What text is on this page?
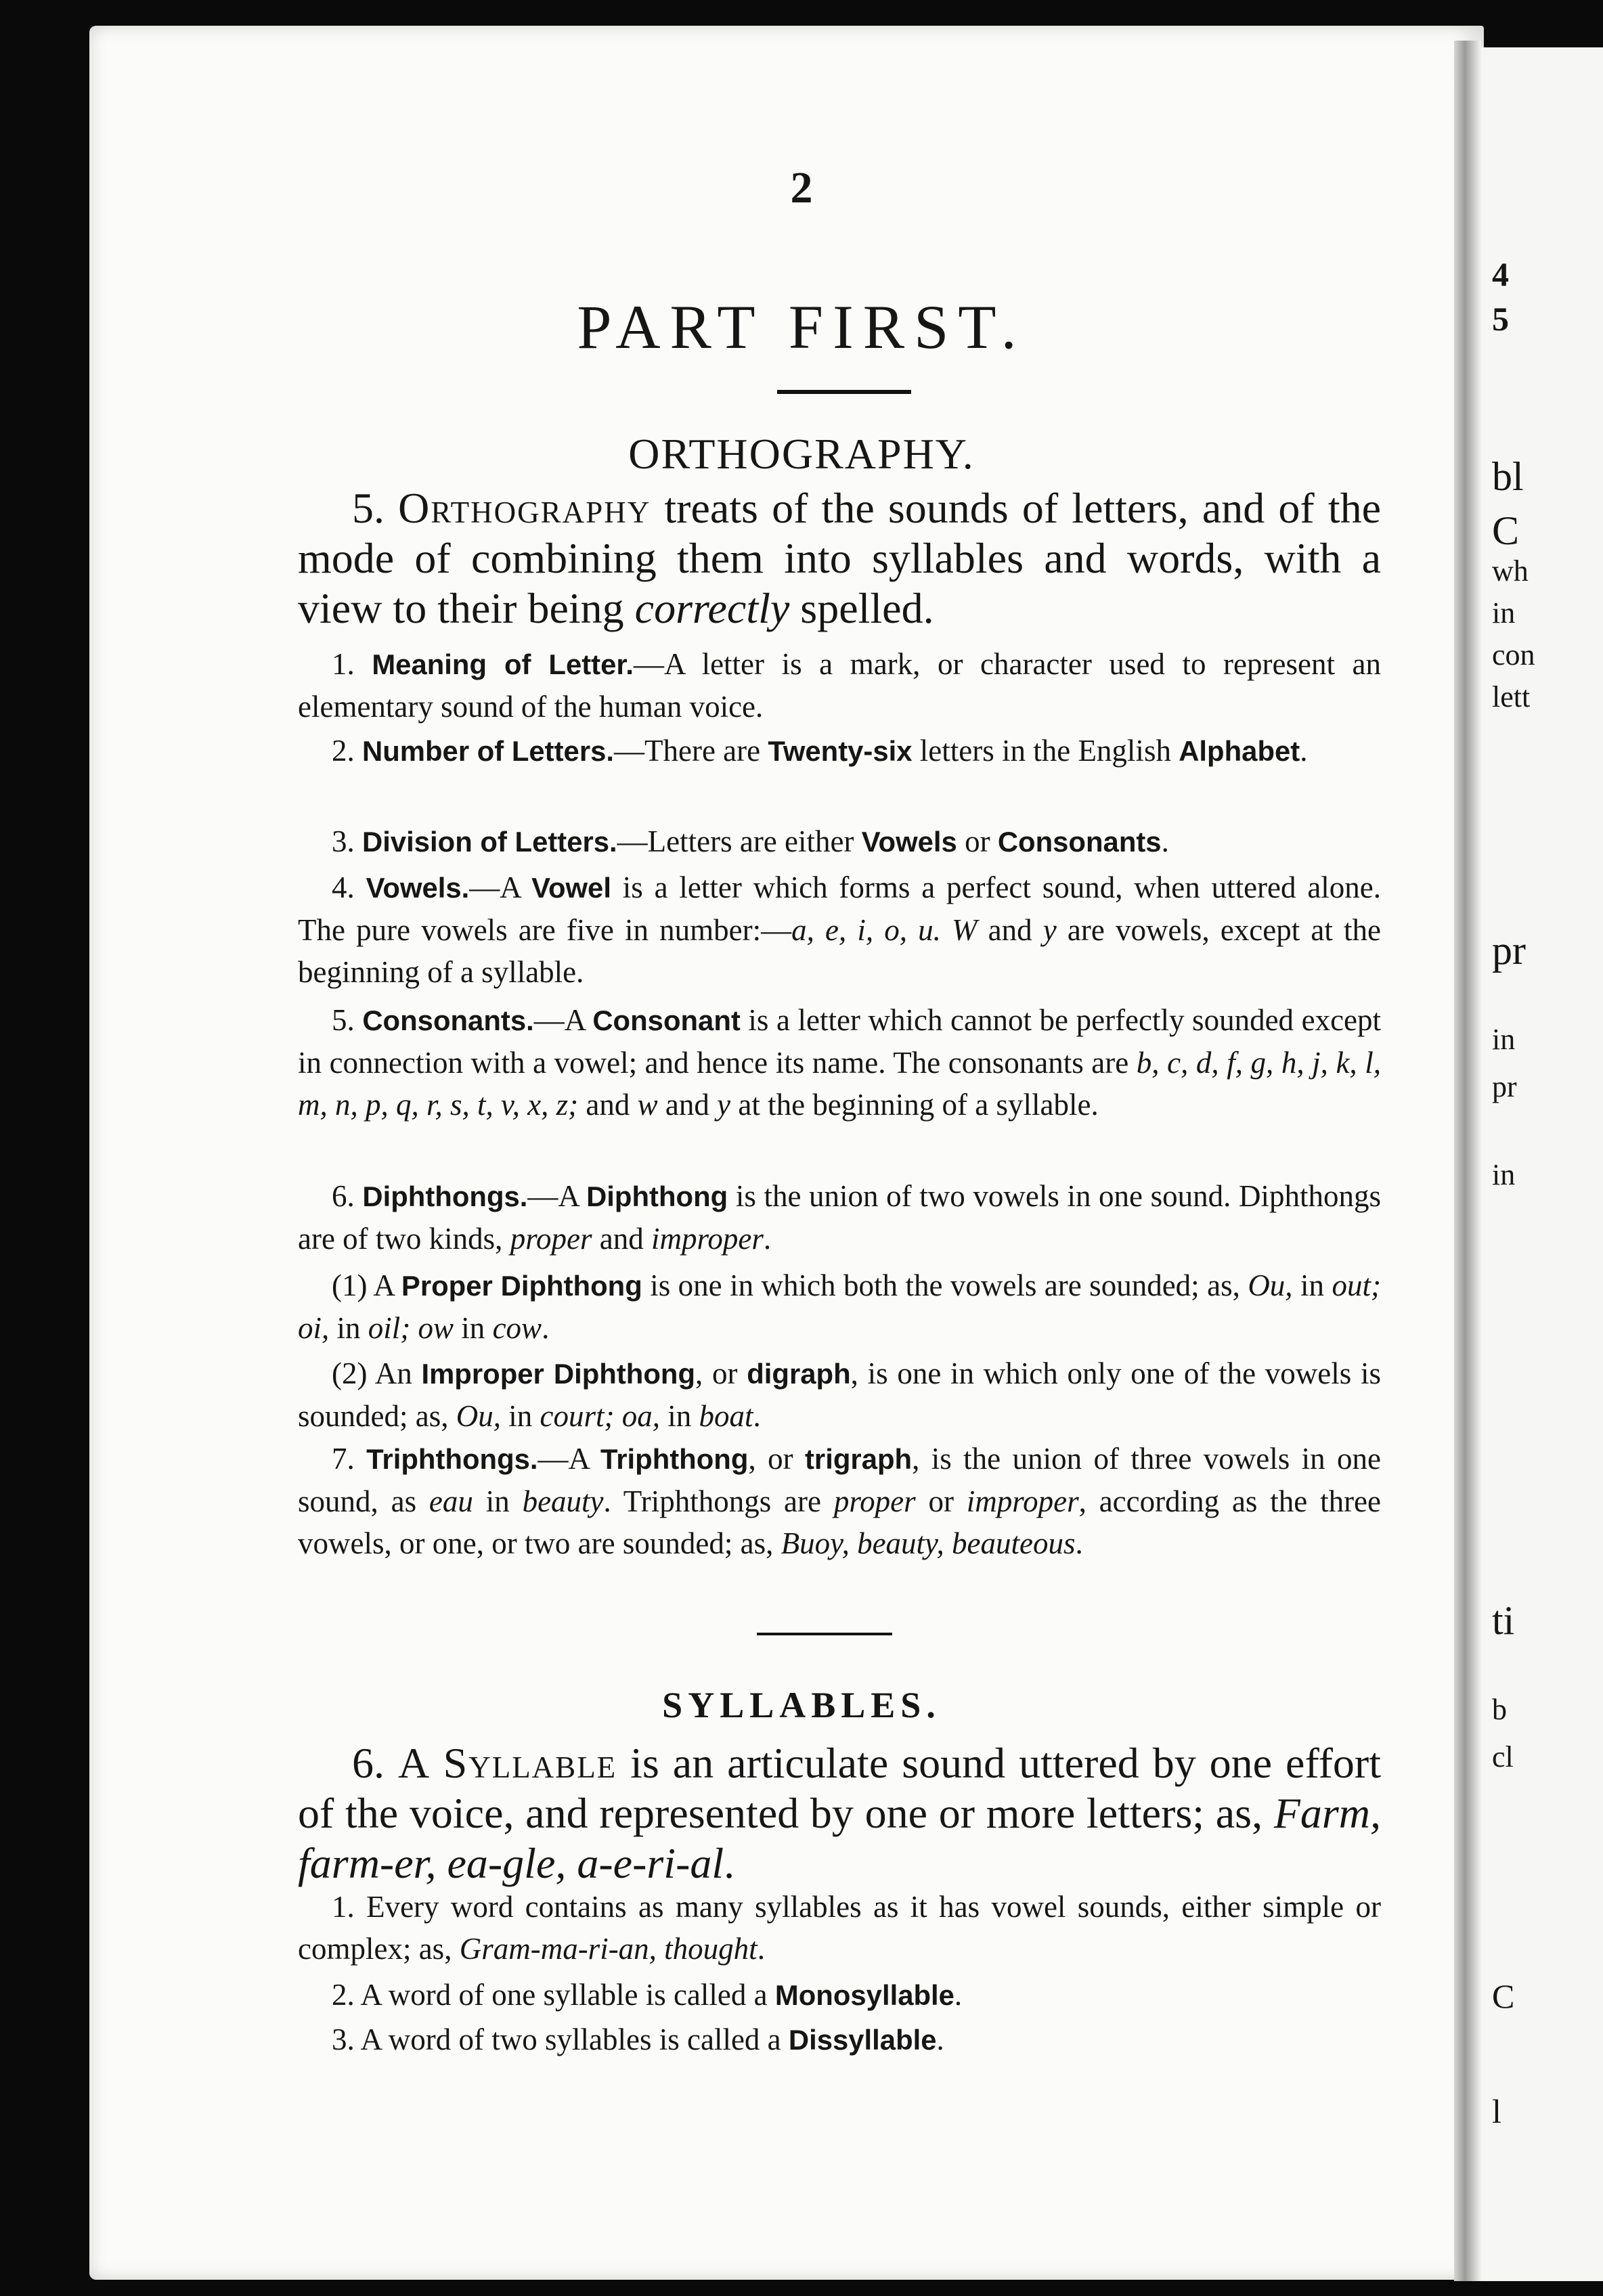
4
5
bl
C
wh
in
con
lett
pr
in
pr
in
ti
b
cl
C
l
2
PART FIRST.
ORTHOGRAPHY.
5. Orthography treats of the sounds of letters, and of the mode of combining them into syllables and words, with a view to their being correctly spelled.

1. Meaning of Letter.—A letter is a mark, or character used to represent an elementary sound of the human voice.

2. Number of Letters.—There are Twenty-six letters in the English Alphabet.

3. Division of Letters.—Letters are either Vowels or Consonants.

4. Vowels.—A Vowel is a letter which forms a perfect sound, when uttered alone. The pure vowels are five in number:—a, e, i, o, u. W and y are vowels, except at the beginning of a syllable.

5. Consonants.—A Consonant is a letter which cannot be perfectly sounded except in connection with a vowel; and hence its name. The consonants are b, c, d, f, g, h, j, k, l, m, n, p, q, r, s, t, v, x, z; and w and y at the beginning of a syllable.

6. Diphthongs.—A Diphthong is the union of two vowels in one sound. Diphthongs are of two kinds, proper and improper.

(1) A Proper Diphthong is one in which both the vowels are sounded; as, Ou, in out; oi, in oil; ow in cow.

(2) An Improper Diphthong, or digraph, is one in which only one of the vowels is sounded; as, Ou, in court; oa, in boat.

7. Triphthongs.—A Triphthong, or trigraph, is the union of three vowels in one sound, as eau in beauty. Triphthongs are proper or improper, according as the three vowels, or one, or two are sounded; as, Buoy, beauty, beauteous.

SYLLABLES.
6. A Syllable is an articulate sound uttered by one effort of the voice, and represented by one or more letters; as, Farm, farm-er, ea-gle, a-e-ri-al.

1. Every word contains as many syllables as it has vowel sounds, either simple or complex; as, Gram-ma-ri-an, thought.

2. A word of one syllable is called a Monosyllable.

3. A word of two syllables is called a Dissyllable.
